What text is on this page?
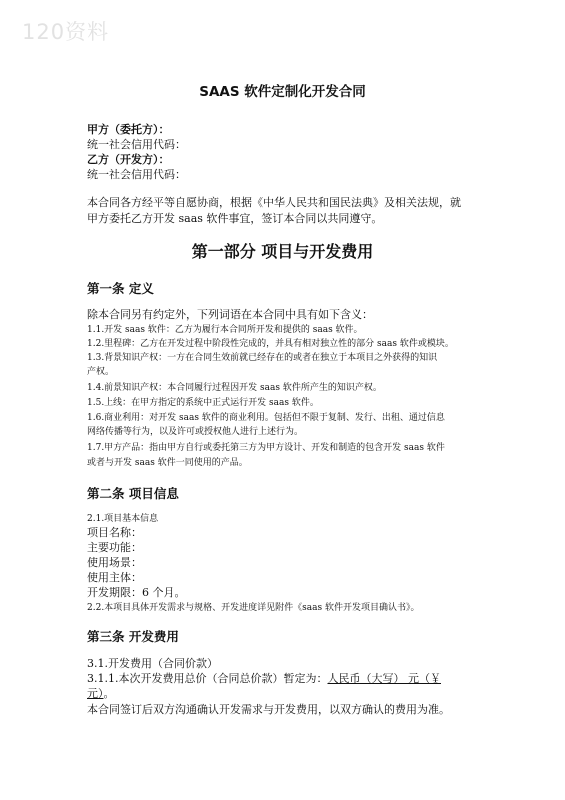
120资料
SAAS 软件定制化开发合同
甲方（委托方）：
统一社会信用代码：
乙方（开发方）：
统一社会信用代码：
本合同各方经平等自愿协商，根据《中华人民共和国民法典》及相关法规，就
甲方委托乙方开发 saas 软件事宜，签订本合同以共同遵守。
第一部分 项目与开发费用
第一条 定义
除本合同另有约定外，下列词语在本合同中具有如下含义：
1.1.开发 saas 软件：乙方为履行本合同所开发和提供的 saas 软件。
1.2.里程碑：乙方在开发过程中阶段性完成的，并具有相对独立性的部分 saas 软件或模块。
1.3.背景知识产权：一方在合同生效前就已经存在的或者在独立于本项目之外获得的知识
产权。
1.4.前景知识产权：本合同履行过程因开发 saas 软件所产生的知识产权。
1.5.上线：在甲方指定的系统中正式运行开发 saas 软件。
1.6.商业利用：对开发 saas 软件的商业利用。包括但不限于复制、发行、出租、通过信息
网络传播等行为，以及许可或授权他人进行上述行为。
1.7.甲方产品：指由甲方自行或委托第三方为甲方设计、开发和制造的包含开发 saas 软件
或者与开发 saas 软件一同使用的产品。
第二条 项目信息
2.1.项目基本信息
项目名称：
主要功能：
使用场景：
使用主体：
开发期限：6 个月。
2.2.本项目具体开发需求与规格、开发进度详见附件《saas 软件开发项目确认书》。
第三条 开发费用
3.1.开发费用（合同价款）
3.1.1.本次开发费用总价（合同总价款）暂定为：人民币（大写） 元（￥
元）。
本合同签订后双方沟通确认开发需求与开发费用，以双方确认的费用为准。
